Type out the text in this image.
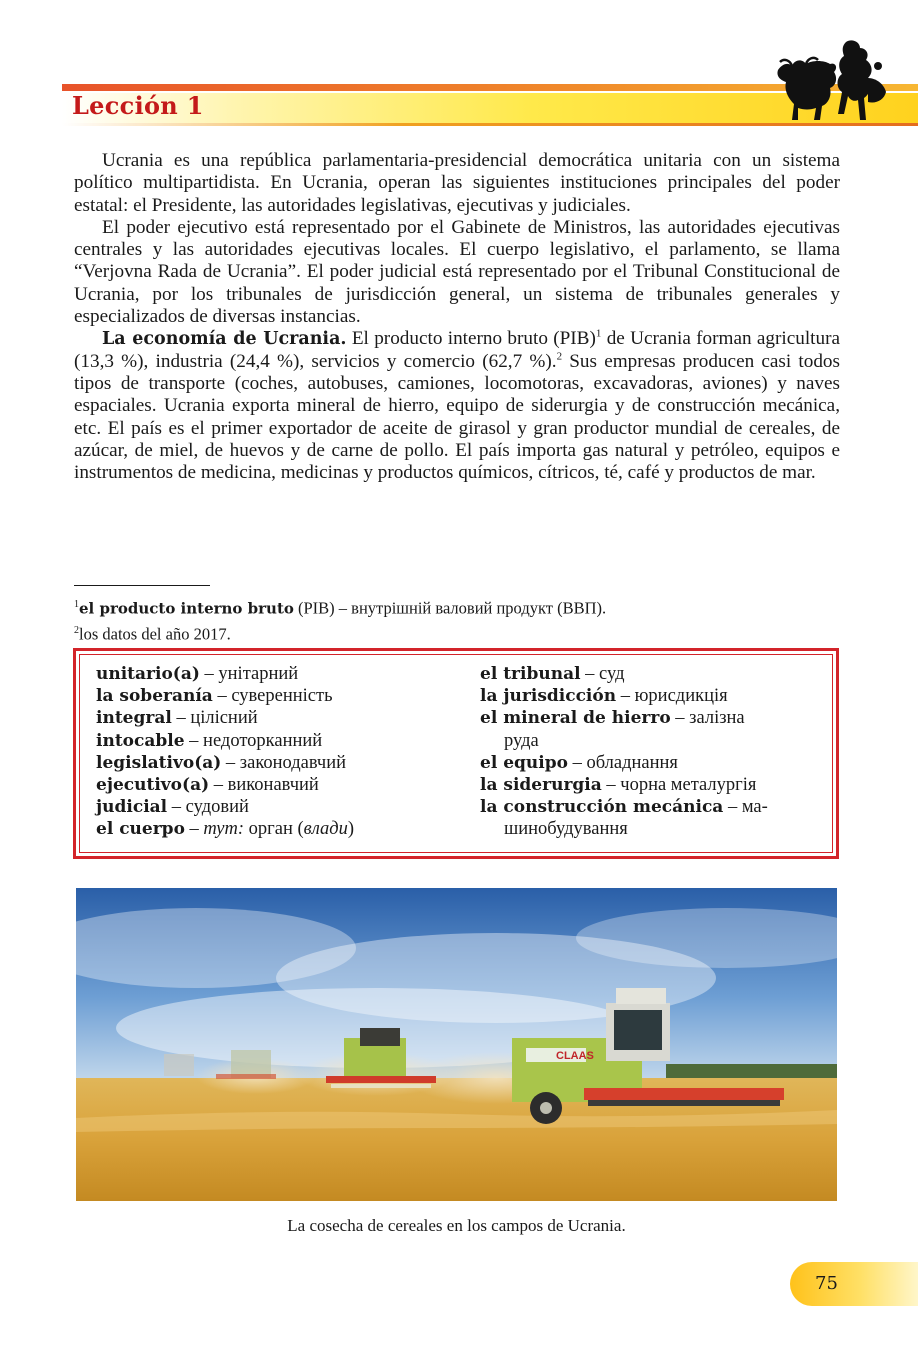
Lección 1

Ucrania es una república parlamentaria-presidencial democrática unitaria con un sistema político multipartidista. En Ucrania, operan las siguientes instituciones principales del poder estatal: el Presidente, las autoridades legislativas, ejecutivas y judiciales.

El poder ejecutivo está representado por el Gabinete de Ministros, las autoridades ejecutivas centrales y las autoridades ejecutivas locales. El cuerpo legislativo, el parlamento, se llama “Verjovna Rada de Ucrania”. El poder judicial está representado por el Tribunal Constitucional de Ucrania, por los tribunales de jurisdicción general, un sistema de tribunales generales y especializados de diversas instancias.

La economía de Ucrania. El producto interno bruto (PIB)$^1$ de Ucrania forman agricultura (13,3 %), industria (24,4 %), servicios y comercio (62,7 %).$^2$ Sus empresas producen casi todos tipos de transporte (coches, autobuses, camiones, locomotoras, excavadoras, aviones) y naves espaciales. Ucrania exporta mineral de hierro, equipo de siderurgia y de construcción mecánica, etc. El país es el primer exportador de aceite de girasol y gran productor mundial de cereales, de azúcar, de miel, de huevos y de carne de pollo. El país importa gas natural y petróleo, equipos e instrumentos de medicina, medicinas y productos químicos, cítricos, té, café y productos de mar.

$^1$el producto interno bruto (PIB) – внутрішній валовий продукт (ВВП).
$^2$los datos del año 2017.
unitario(a) – унітарний
la soberanía – суверенність
integral – цілісний
intocable – недоторканний
legislativo(a) – законодавчий
ejecutivo(a) – виконавчий
judicial – судовий
el cuerpo – тут: орган (влади)
el tribunal – суд
la jurisdicción – юрисдикція
el mineral de hierro – залізна
руда
el equipo – обладнання
la siderurgia – чорна металургія
la construcción mecánica – ма-
шинобудування
CLAAS
La cosecha de cereales en los campos de Ucrania.
75
